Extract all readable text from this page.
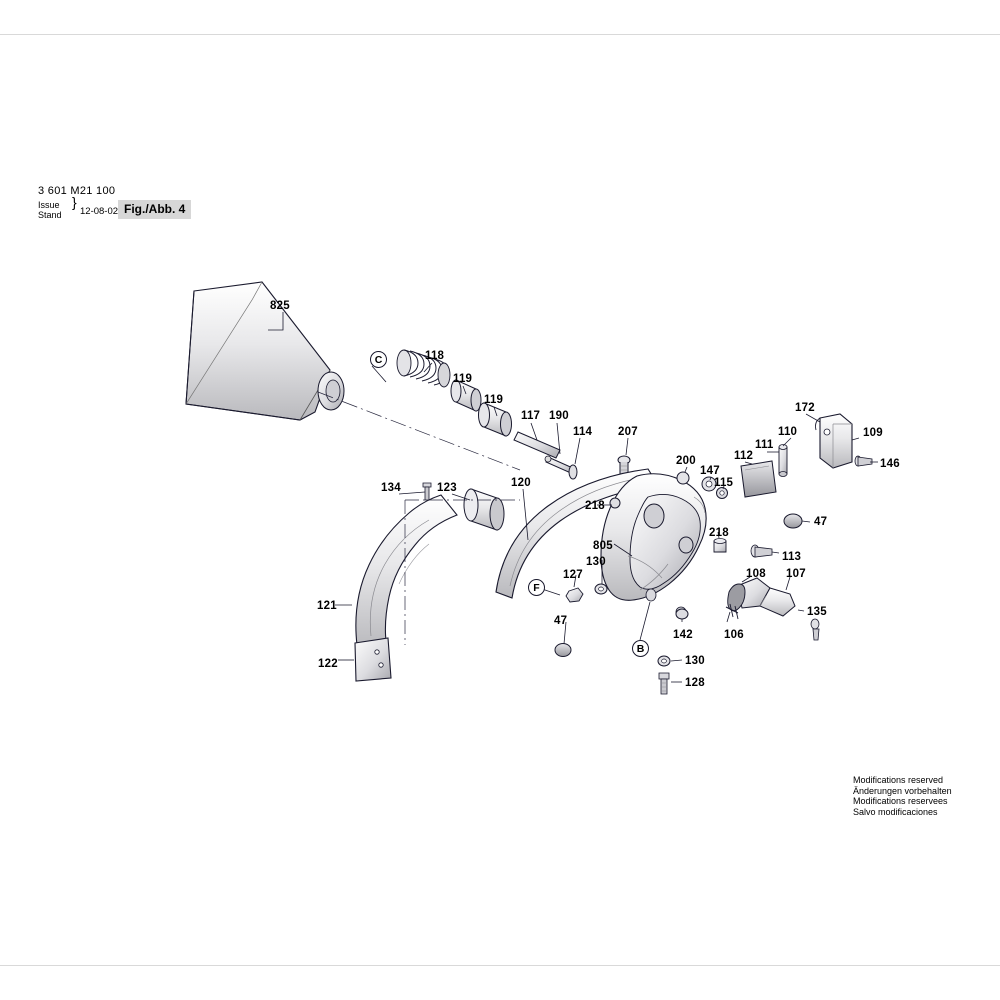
3 601 M21 100
Issue
Stand
}
12-08-02 Fig./Abb. 4
825
118
119
119
117 190
114 207
172
110	109
111
146
200
147
112
115
120
134	123
218
47
218
805
113
130
108 107
127
121	135
47
106
142
122	130
128
C
F
B
Modifications reserved
Änderungen vorbehalten
Modifications reservees
Salvo modificaciones
